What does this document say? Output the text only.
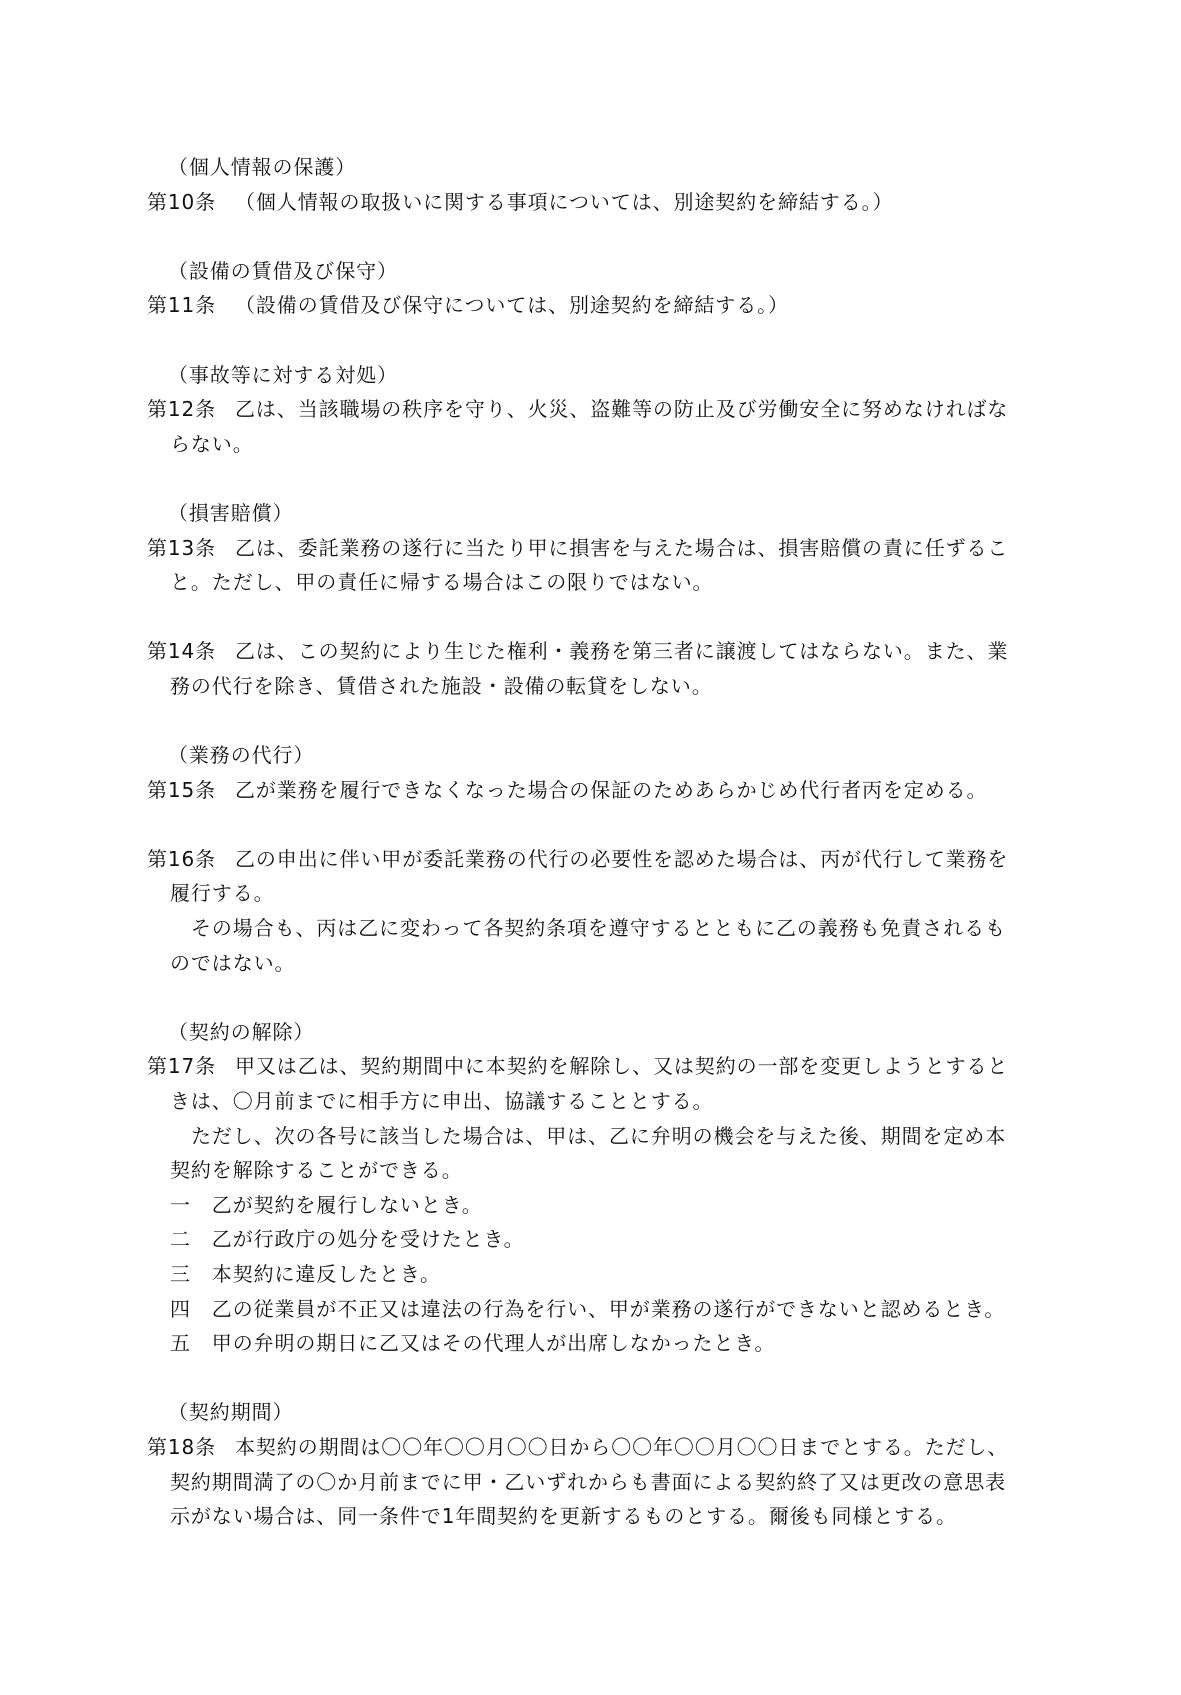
（個人情報の保護）
第10条 （個人情報の取扱いに関する事項については、別途契約を締結する。）
（設備の賃借及び保守）
第11条 （設備の賃借及び保守については、別途契約を締結する。）
（事故等に対する対処）
第12条 乙は、当該職場の秩序を守り、火災、盗難等の防止及び労働安全に努めなければな
らない。
（損害賠償）
第13条 乙は、委託業務の遂行に当たり甲に損害を与えた場合は、損害賠償の責に任ずるこ
と。ただし、甲の責任に帰する場合はこの限りではない。
第14条 乙は、この契約により生じた権利・義務を第三者に譲渡してはならない。また、業
務の代行を除き、賃借された施設・設備の転貸をしない。
（業務の代行）
第15条 乙が業務を履行できなくなった場合の保証のためあらかじめ代行者丙を定める。
第16条 乙の申出に伴い甲が委託業務の代行の必要性を認めた場合は、丙が代行して業務を
履行する。
その場合も、丙は乙に変わって各契約条項を遵守するとともに乙の義務も免責されるも
のではない。
（契約の解除）
第17条 甲又は乙は、契約期間中に本契約を解除し、又は契約の一部を変更しようとすると
きは、〇月前までに相手方に申出、協議することとする。
ただし、次の各号に該当した場合は、甲は、乙に弁明の機会を与えた後、期間を定め本
契約を解除することができる。
一　乙が契約を履行しないとき。
二　乙が行政庁の処分を受けたとき。
三　本契約に違反したとき。
四　乙の従業員が不正又は違法の行為を行い、甲が業務の遂行ができないと認めるとき。
五　甲の弁明の期日に乙又はその代理人が出席しなかったとき。
（契約期間）
第18条 本契約の期間は〇〇年〇〇月〇〇日から〇〇年〇〇月〇〇日までとする。ただし、
契約期間満了の〇か月前までに甲・乙いずれからも書面による契約終了又は更改の意思表
示がない場合は、同一条件で1年間契約を更新するものとする。爾後も同様とする。
